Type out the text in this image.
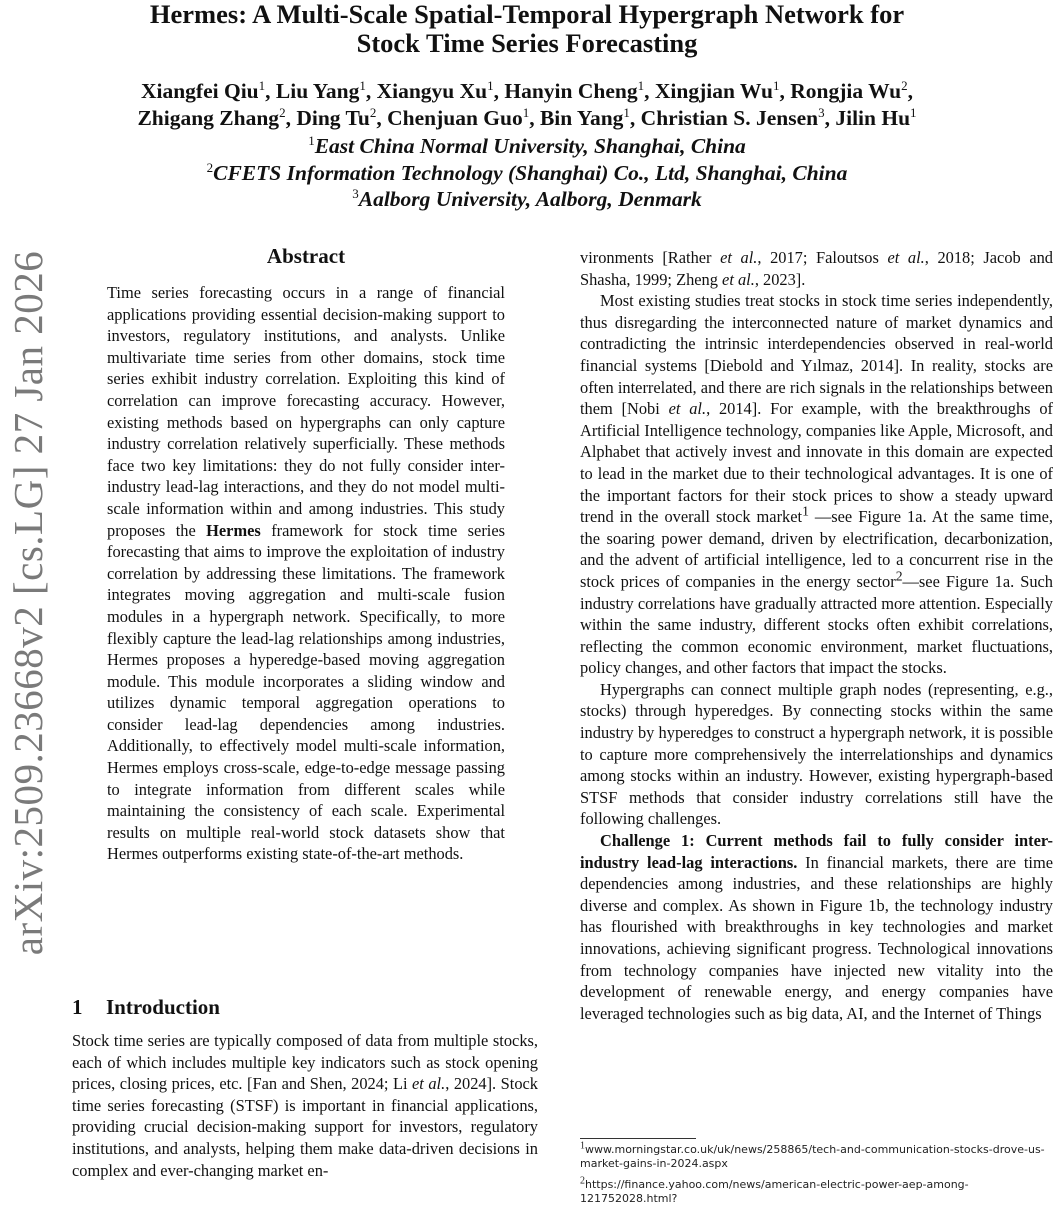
Hermes: A Multi-Scale Spatial-Temporal Hypergraph Network for
Stock Time Series Forecasting
Xiangfei Qiu$^1$, Liu Yang$^1$, Xiangyu Xu$^1$, Hanyin Cheng$^1$, Xingjian Wu$^1$, Rongjia Wu$^2$,
Zhigang Zhang$^2$, Ding Tu$^2$, Chenjuan Guo$^1$, Bin Yang$^1$, Christian S. Jensen$^3$, Jilin Hu$^1$
$^1$East China Normal University, Shanghai, China
$^2$CFETS Information Technology (Shanghai) Co., Ltd, Shanghai, China
$^3$Aalborg University, Aalborg, Denmark
arXiv:2509.23668v2 [cs.LG] 27 Jan 2026	Abstract

Time series forecasting occurs in a range of financial applications providing essential decision-making support to investors, regulatory institutions, and analysts. Unlike multivariate time series from other domains, stock time series exhibit industry correlation. Exploiting this kind of correlation can improve forecasting accuracy. However, existing methods based on hypergraphs can only capture industry correlation relatively superficially. These methods face two key limitations: they do not fully consider inter-industry lead-lag interactions, and they do not model multi-scale information within and among industries. This study proposes the Hermes framework for stock time series forecasting that aims to improve the exploitation of industry correlation by addressing these limitations. The framework integrates moving aggregation and multi-scale fusion modules in a hypergraph network. Specifically, to more flexibly capture the lead-lag relationships among industries, Hermes proposes a hyperedge-based moving aggregation module. This module incorporates a sliding window and utilizes dynamic temporal aggregation operations to consider lead-lag dependencies among industries. Additionally, to effectively model multi-scale information, Hermes employs cross-scale, edge-to-edge message passing to integrate information from different scales while maintaining the consistency of each scale. Experimental results on multiple real-world stock datasets show that Hermes outperforms existing state-of-the-art methods.

1 Introduction

Stock time series are typically composed of data from multiple stocks, each of which includes multiple key indicators such as stock opening prices, closing prices, etc. [Fan and Shen, 2024; Li et al., 2024]. Stock time series forecasting (STSF) is important in financial applications, providing crucial decision-making support for investors, regulatory institutions, and analysts, helping them make data-driven decisions in complex and ever-changing market en-

vironments [Rather et al., 2017; Faloutsos et al., 2018; Jacob and Shasha, 1999; Zheng et al., 2023].

Most existing studies treat stocks in stock time series independently, thus disregarding the interconnected nature of market dynamics and contradicting the intrinsic interdependencies observed in real-world financial systems [Diebold and Yılmaz, 2014]. In reality, stocks are often interrelated, and there are rich signals in the relationships between them [Nobi et al., 2014]. For example, with the breakthroughs of Artificial Intelligence technology, companies like Apple, Microsoft, and Alphabet that actively invest and innovate in this domain are expected to lead in the market due to their technological advantages. It is one of the important factors for their stock prices to show a steady upward trend in the overall stock market$^1$ —see Figure 1a. At the same time, the soaring power demand, driven by electrification, decarbonization, and the advent of artificial intelligence, led to a concurrent rise in the stock prices of companies in the energy sector$^2$—see Figure 1a. Such industry correlations have gradually attracted more attention. Especially within the same industry, different stocks often exhibit correlations, reflecting the common economic environment, market fluctuations, policy changes, and other factors that impact the stocks.

Hypergraphs can connect multiple graph nodes (representing, e.g., stocks) through hyperedges. By connecting stocks within the same industry by hyperedges to construct a hypergraph network, it is possible to capture more comprehensively the interrelationships and dynamics among stocks within an industry. However, existing hypergraph-based STSF methods that consider industry correlations still have the following challenges.

Challenge 1: Current methods fail to fully consider inter-industry lead-lag interactions. In financial markets, there are time dependencies among industries, and these relationships are highly diverse and complex. As shown in Figure 1b, the technology industry has flourished with breakthroughs in key technologies and market innovations, achieving significant progress. Technological innovations from technology companies have injected new vitality into the development of renewable energy, and energy companies have leveraged technologies such as big data, AI, and the Internet of Things

$^1$www.morningstar.co.uk/uk/news/258865/tech-and-communication-stocks-drove-us-market-gains-in-2024.aspx
$^2$https://finance.yahoo.com/news/american-electric-power-aep-among- 121752028.html?
